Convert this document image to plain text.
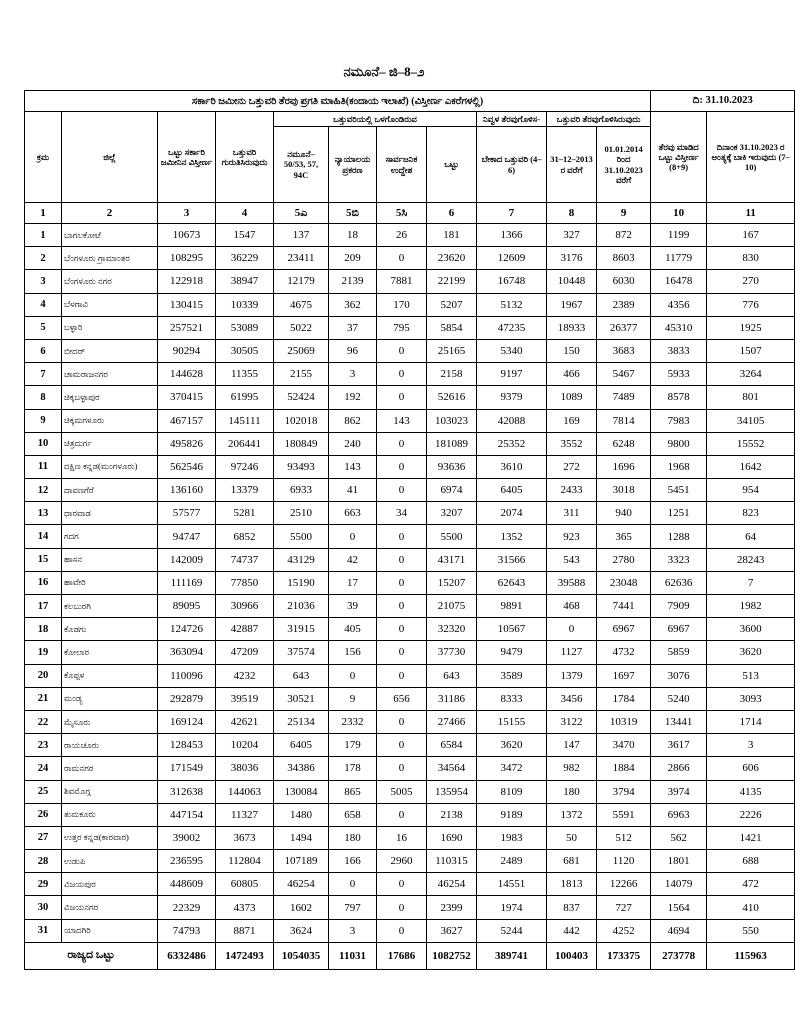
ನಮೂನೆ– ಜಿ–8–೨
ಸರ್ಕಾರಿ ಜಮೀನು ಒತ್ತುವರಿ ತೆರವು ಪ್ರಗತಿ ಮಾಹಿತಿ(ಕಂದಾಯ ಇಲಾಖೆ) (ವಿಸ್ತೀರ್ಣ ಎಕರೆಗಳಲ್ಲಿ)											ದಿ: 31.10.2023	
ಕ್ರಮ	ಜಿಲ್ಲೆ	ಒಟ್ಟು ಸರ್ಕಾರಿ ಜಮೀನಿನ ವಿಸ್ತೀರ್ಣ	ಒತ್ತುವರಿ ಗುರುತಿಸಿರುವುದು	ಒತ್ತುವರಿಯಲ್ಲಿ ಒಳಗೊಂಡಿರುವ				ನಿವ್ವಳ ತೆರವುಗೊಳಿಸ-	ಒತ್ತುವರಿ ತೆರವುಗೊಳಿಸಿರುವುದು		ತೆರವು ಮಾಡಿದ ಒಟ್ಟು ವಿಸ್ತೀರ್ಣ (8+9)	ದಿನಾಂಕ 31.10.2023 ರ ಅಂತ್ಯಕ್ಕೆ ಬಾಕಿ ಇರುವುದು (7–10)
				ನಮೂನೆ– 50/53, 57, 94C	ನ್ಯಾಯಾಲಯ ಪ್ರಕರಣ	ಸಾರ್ವಜನಿಕ ಉದ್ದೇಶ	ಒಟ್ಟು	ಬೇಕಾದ ಒತ್ತುವರಿ (4–6)	31–12–2013 ರ ವರೆಗೆ	01.01.2014 ರಿಂದ 31.10.2023 ವರೆಗೆ		
1	2	3	4	5ಎ	5ಬಿ	5ಸಿ	6	7	8	9	10	11
1	ಬಾಗಲಕೋಟೆ	10673	1547	137	18	26	181	1366	327	872	1199	167
2	ಬೆಂಗಳೂರು ಗ್ರಾಮಾಂತರ	108295	36229	23411	209	0	23620	12609	3176	8603	11779	830
3	ಬೆಂಗಳೂರು ನಗರ	122918	38947	12179	2139	7881	22199	16748	10448	6030	16478	270
4	ಬೆಳಗಾವಿ	130415	10339	4675	362	170	5207	5132	1967	2389	4356	776
5	ಬಳ್ಳಾರಿ	257521	53089	5022	37	795	5854	47235	18933	26377	45310	1925
6	ಬೀದರ್	90294	30505	25069	96	0	25165	5340	150	3683	3833	1507
7	ಚಾಮರಾಜನಗರ	144628	11355	2155	3	0	2158	9197	466	5467	5933	3264
8	ಚಿಕ್ಕಬಳ್ಳಾಪುರ	370415	61995	52424	192	0	52616	9379	1089	7489	8578	801
9	ಚಿಕ್ಕಮಗಳೂರು	467157	145111	102018	862	143	103023	42088	169	7814	7983	34105
10	ಚಿತ್ರದುರ್ಗ	495826	206441	180849	240	0	181089	25352	3552	6248	9800	15552
11	ದಕ್ಷಿಣ ಕನ್ನಡ(ಮಂಗಳೂರು)	562546	97246	93493	143	0	93636	3610	272	1696	1968	1642
12	ದಾವಣಗೆರೆ	136160	13379	6933	41	0	6974	6405	2433	3018	5451	954
13	ಧಾರವಾಡ	57577	5281	2510	663	34	3207	2074	311	940	1251	823
14	ಗದಗ	94747	6852	5500	0	0	5500	1352	923	365	1288	64
15	ಹಾಸನ	142009	74737	43129	42	0	43171	31566	543	2780	3323	28243
16	ಹಾವೇರಿ	111169	77850	15190	17	0	15207	62643	39588	23048	62636	7
17	ಕಲಬುರಗಿ	89095	30966	21036	39	0	21075	9891	468	7441	7909	1982
18	ಕೊಡಗು	124726	42887	31915	405	0	32320	10567	0	6967	6967	3600
19	ಕೋಲಾರ	363094	47209	37574	156	0	37730	9479	1127	4732	5859	3620
20	ಕೊಪ್ಪಳ	110096	4232	643	0	0	643	3589	1379	1697	3076	513
21	ಮಂಡ್ಯ	292879	39519	30521	9	656	31186	8333	3456	1784	5240	3093
22	ಮೈಸೂರು	169124	42621	25134	2332	0	27466	15155	3122	10319	13441	1714
23	ರಾಯಚೂರು	128453	10204	6405	179	0	6584	3620	147	3470	3617	3
24	ರಾಮನಗರ	171549	38036	34386	178	0	34564	3472	982	1884	2866	606
25	ಶಿವಮೊಗ್ಗ	312638	144063	130084	865	5005	135954	8109	180	3794	3974	4135
26	ತುಮಕೂರು	447154	11327	1480	658	0	2138	9189	1372	5591	6963	2226
27	ಉತ್ತರ ಕನ್ನಡ(ಕಾರವಾರ)	39002	3673	1494	180	16	1690	1983	50	512	562	1421
28	ಉಡುಪಿ	236595	112804	107189	166	2960	110315	2489	681	1120	1801	688
29	ವಿಜಯಪುರ	448609	60805	46254	0	0	46254	14551	1813	12266	14079	472
30	ವಿಜಯನಗರ	22329	4373	1602	797	0	2399	1974	837	727	1564	410
31	ಯಾದಗಿರಿ	74793	8871	3624	3	0	3627	5244	442	4252	4694	550
ರಾಜ್ಯದ ಒಟ್ಟು		6332486	1472493	1054035	11031	17686	1082752	389741	100403	173375	273778	115963
